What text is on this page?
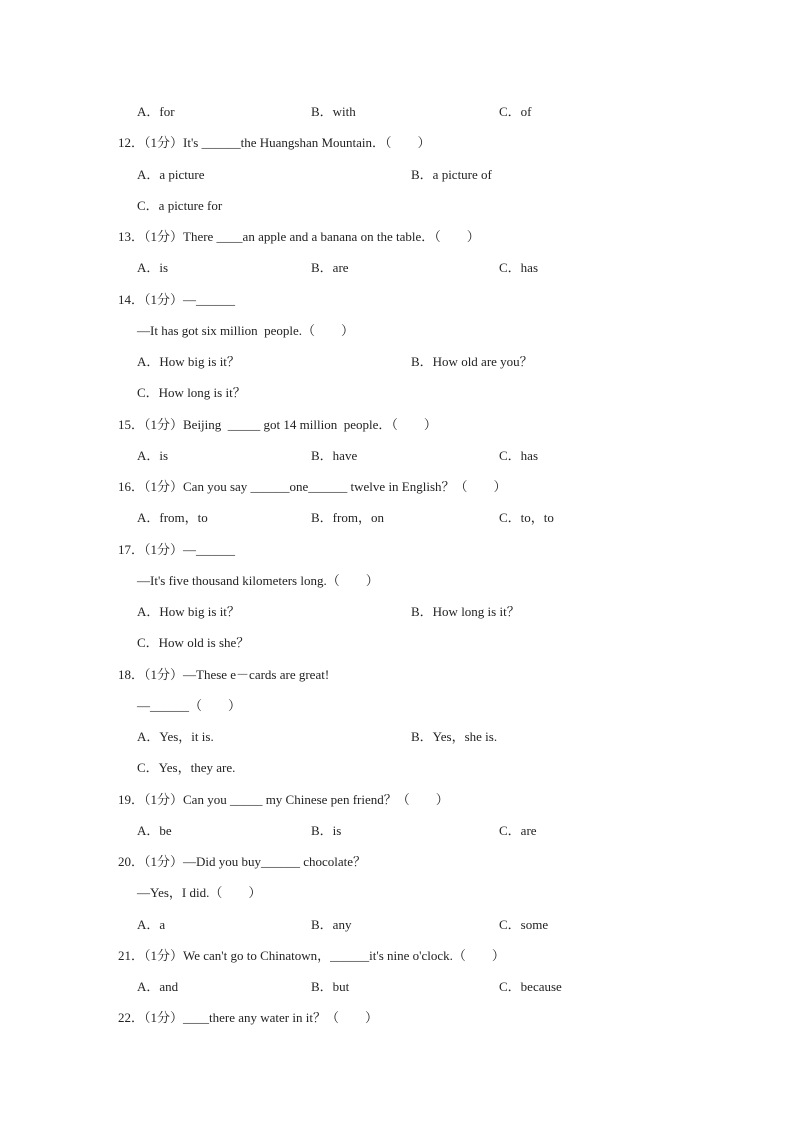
A．for	B．with	C．of
12．（1分）It's ______the Huangshan Mountain．（　　）
A．a picture	B．a picture of
C．a picture for
13．（1分）There ____an apple and a banana on the table．（　　）
A．is	B．are	C．has
14．（1分）—______
—It has got six million  people.（　　）
A．How big is it？	B．How old are you？
C．How long is it？
15．（1分）Beijing  _____ got 14 million  people．（　　）
A．is	B．have	C．has
16．（1分）Can you say ______one______ twelve in English？（　　）
A．from，to	B．from，on	C．to，to
17．（1分）—______
—It's five thousand kilometers long.（　　）
A．How big is it？	B．How long is it？
C．How old is she？
18．（1分）—These e－cards are great!
—______（　　）
A．Yes，it is.	B．Yes，she is.
C．Yes，they are.
19．（1分）Can you _____ my Chinese pen friend？（　　）
A．be	B．is	C．are
20．（1分）—Did you buy______ chocolate？
—Yes，I did.（　　）
A．a	B．any	C．some
21．（1分）We can't go to Chinatown，______it's nine o'clock.（　　）
A．and	B．but	C．because
22．（1分）____there any water in it？（　　）
